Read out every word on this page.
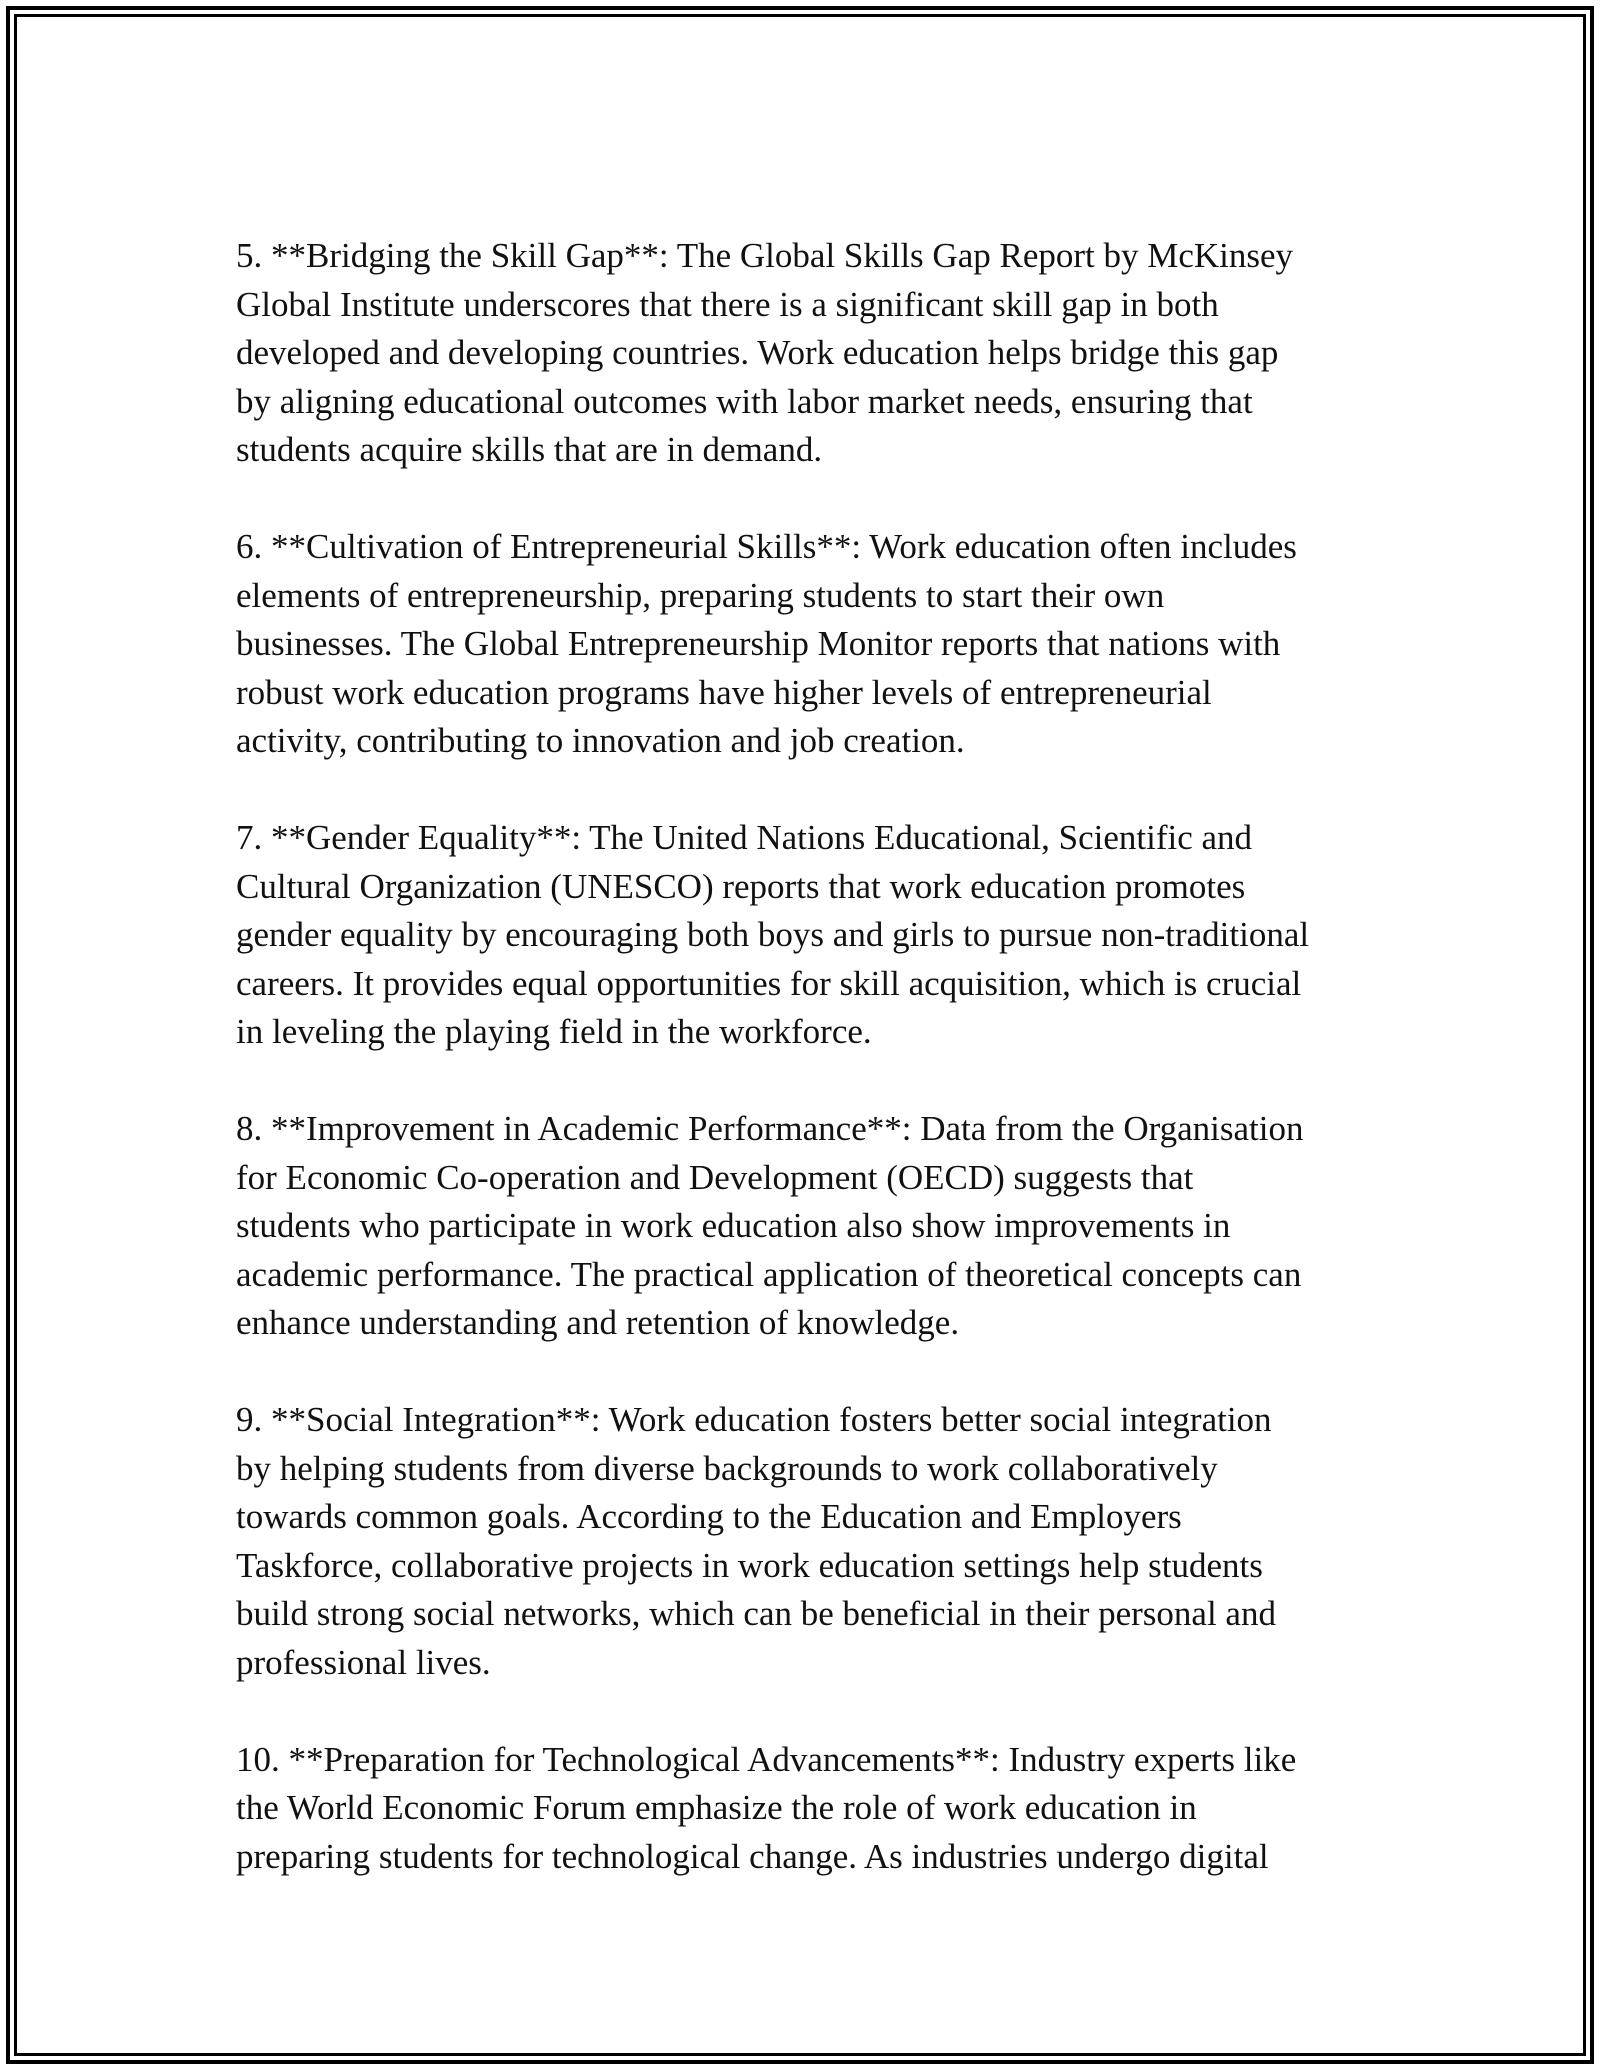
5. **Bridging the Skill Gap**: The Global Skills Gap Report by McKinsey
Global Institute underscores that there is a significant skill gap in both
developed and developing countries. Work education helps bridge this gap
by aligning educational outcomes with labor market needs, ensuring that
students acquire skills that are in demand.

6. **Cultivation of Entrepreneurial Skills**: Work education often includes
elements of entrepreneurship, preparing students to start their own
businesses. The Global Entrepreneurship Monitor reports that nations with
robust work education programs have higher levels of entrepreneurial
activity, contributing to innovation and job creation.

7. **Gender Equality**: The United Nations Educational, Scientific and
Cultural Organization (UNESCO) reports that work education promotes
gender equality by encouraging both boys and girls to pursue non-traditional
careers. It provides equal opportunities for skill acquisition, which is crucial
in leveling the playing field in the workforce.

8. **Improvement in Academic Performance**: Data from the Organisation
for Economic Co-operation and Development (OECD) suggests that
students who participate in work education also show improvements in
academic performance. The practical application of theoretical concepts can
enhance understanding and retention of knowledge.

9. **Social Integration**: Work education fosters better social integration
by helping students from diverse backgrounds to work collaboratively
towards common goals. According to the Education and Employers
Taskforce, collaborative projects in work education settings help students
build strong social networks, which can be beneficial in their personal and
professional lives.

10. **Preparation for Technological Advancements**: Industry experts like
the World Economic Forum emphasize the role of work education in
preparing students for technological change. As industries undergo digital
